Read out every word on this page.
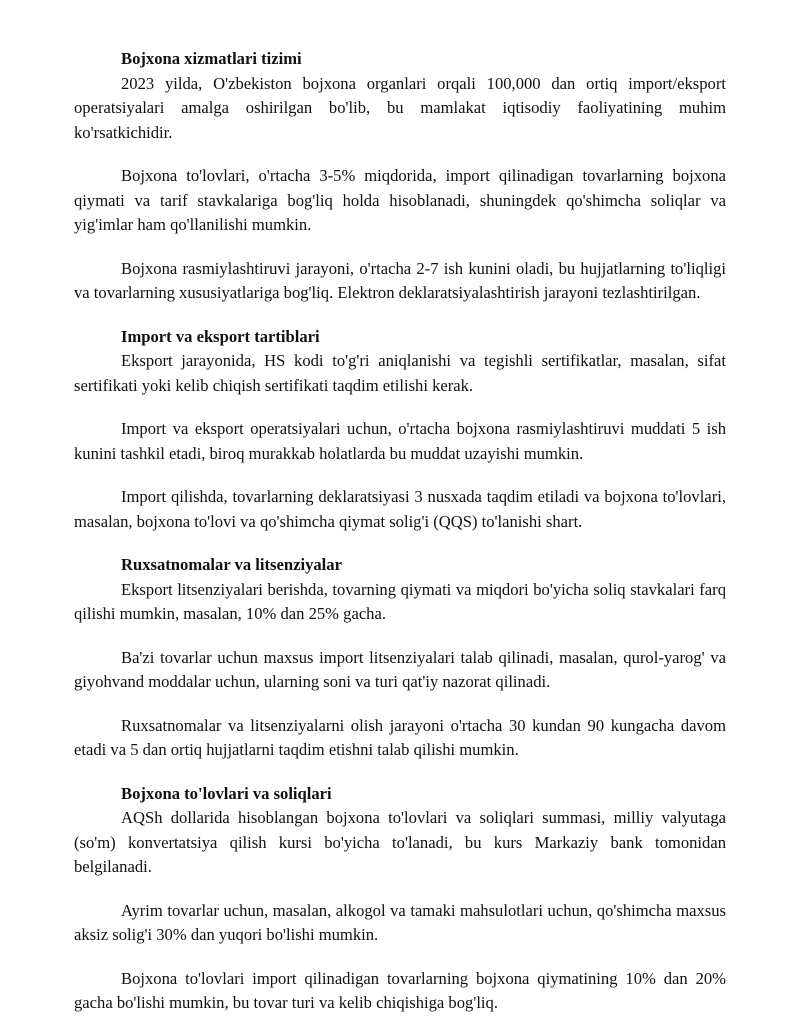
Bojxona xizmatlari tizimi

2023 yilda, O'zbekiston bojxona organlari orqali 100,000 dan ortiq import/eksport operatsiyalari amalga oshirilgan bo'lib, bu mamlakat iqtisodiy faoliyatining muhim ko'rsatkichidir.

Bojxona to'lovlari, o'rtacha 3-5% miqdorida, import qilinadigan tovarlarning bojxona qiymati va tarif stavkalariga bog'liq holda hisoblanadi, shuningdek qo'shimcha soliqlar va yig'imlar ham qo'llanilishi mumkin.

Bojxona rasmiylashtiruvi jarayoni, o'rtacha 2-7 ish kunini oladi, bu hujjatlarning to'liqligi va tovarlarning xususiyatlariga bog'liq. Elektron deklaratsiyalashtirish jarayoni tezlashtirilgan.

Import va eksport tartiblari

Eksport jarayonida, HS kodi to'g'ri aniqlanishi va tegishli sertifikatlar, masalan, sifat sertifikati yoki kelib chiqish sertifikati taqdim etilishi kerak.

Import va eksport operatsiyalari uchun, o'rtacha bojxona rasmiylashtiruvi muddati 5 ish kunini tashkil etadi, biroq murakkab holatlarda bu muddat uzayishi mumkin.

Import qilishda, tovarlarning deklaratsiyasi 3 nusxada taqdim etiladi va bojxona to'lovlari, masalan, bojxona to'lovi va qo'shimcha qiymat solig'i (QQS) to'lanishi shart.

Ruxsatnomalar va litsenziyalar

Eksport litsenziyalari berishda, tovarning qiymati va miqdori bo'yicha soliq stavkalari farq qilishi mumkin, masalan, 10% dan 25% gacha.

Ba'zi tovarlar uchun maxsus import litsenziyalari talab qilinadi, masalan, qurol-yarog' va giyohvand moddalar uchun, ularning soni va turi qat'iy nazorat qilinadi.

Ruxsatnomalar va litsenziyalarni olish jarayoni o'rtacha 30 kundan 90 kungacha davom etadi va 5 dan ortiq hujjatlarni taqdim etishni talab qilishi mumkin.

Bojxona to'lovlari va soliqlari

AQSh dollarida hisoblangan bojxona to'lovlari va soliqlari summasi, milliy valyutaga (so'm) konvertatsiya qilish kursi bo'yicha to'lanadi, bu kurs Markaziy bank tomonidan belgilanadi.

Ayrim tovarlar uchun, masalan, alkogol va tamaki mahsulotlari uchun, qo'shimcha maxsus aksiz solig'i 30% dan yuqori bo'lishi mumkin.

Bojxona to'lovlari import qilinadigan tovarlarning bojxona qiymatining 10% dan 20% gacha bo'lishi mumkin, bu tovar turi va kelib chiqishiga bog'liq.
